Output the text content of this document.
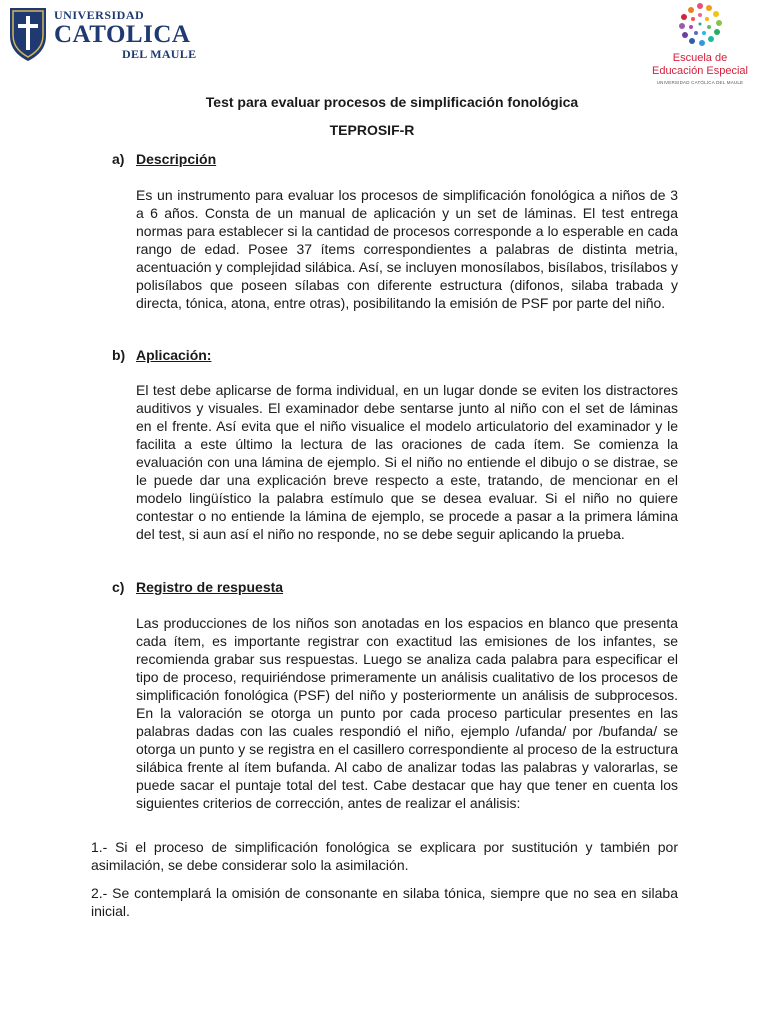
UNIVERSIDAD
CATOLICA
DEL MAULE	Escuela de
Educación Especial
UNIVERSIDAD CATÓLICA DEL MAULE
Test para evaluar procesos de simplificación fonológica
TEPROSIF-R
a) Descripción

Es un instrumento para evaluar los procesos de simplificación fonológica a niños de 3 a 6 años. Consta de un manual de aplicación y un set de láminas. El test entrega normas para establecer si la cantidad de procesos corresponde a lo esperable en cada rango de edad. Posee 37 ítems correspondientes a palabras de distinta metria, acentuación y complejidad silábica. Así, se incluyen monosílabos, bisílabos, trisílabos y polisílabos que poseen sílabas con diferente estructura (difonos, silaba trabada y directa, tónica, atona, entre otras), posibilitando la emisión de PSF por parte del niño.

b) Aplicación:

El test debe aplicarse de forma individual, en un lugar donde se eviten los distractores auditivos y visuales. El examinador debe sentarse junto al niño con el set de láminas en el frente. Así evita que el niño visualice el modelo articulatorio del examinador y le facilita a este último la lectura de las oraciones de cada ítem. Se comienza la evaluación con una lámina de ejemplo. Si el niño no entiende el dibujo o se distrae, se le puede dar una explicación breve respecto a este, tratando, de mencionar en el modelo lingüístico la palabra estímulo que se desea evaluar. Si el niño no quiere contestar o no entiende la lámina de ejemplo, se procede a pasar a la primera lámina del test, si aun así el niño no responde, no se debe seguir aplicando la prueba.

c) Registro de respuesta

Las producciones de los niños son anotadas en los espacios en blanco que presenta cada ítem, es importante registrar con exactitud las emisiones de los infantes, se recomienda grabar sus respuestas. Luego se analiza cada palabra para especificar el tipo de proceso, requiriéndose primeramente un análisis cualitativo de los procesos de simplificación fonológica (PSF) del niño y posteriormente un análisis de subprocesos. En la valoración se otorga un punto por cada proceso particular presentes en las palabras dadas con las cuales respondió el niño, ejemplo /ufanda/ por /bufanda/ se otorga un punto y se registra en el casillero correspondiente al proceso de la estructura silábica frente al ítem bufanda. Al cabo de analizar todas las palabras y valorarlas, se puede sacar el puntaje total del test. Cabe destacar que hay que tener en cuenta los siguientes criterios de corrección, antes de realizar el análisis:

1.- Si el proceso de simplificación fonológica se explicara por sustitución y también por asimilación, se debe considerar solo la asimilación.

2.- Se contemplará la omisión de consonante en silaba tónica, siempre que no sea en silaba inicial.
